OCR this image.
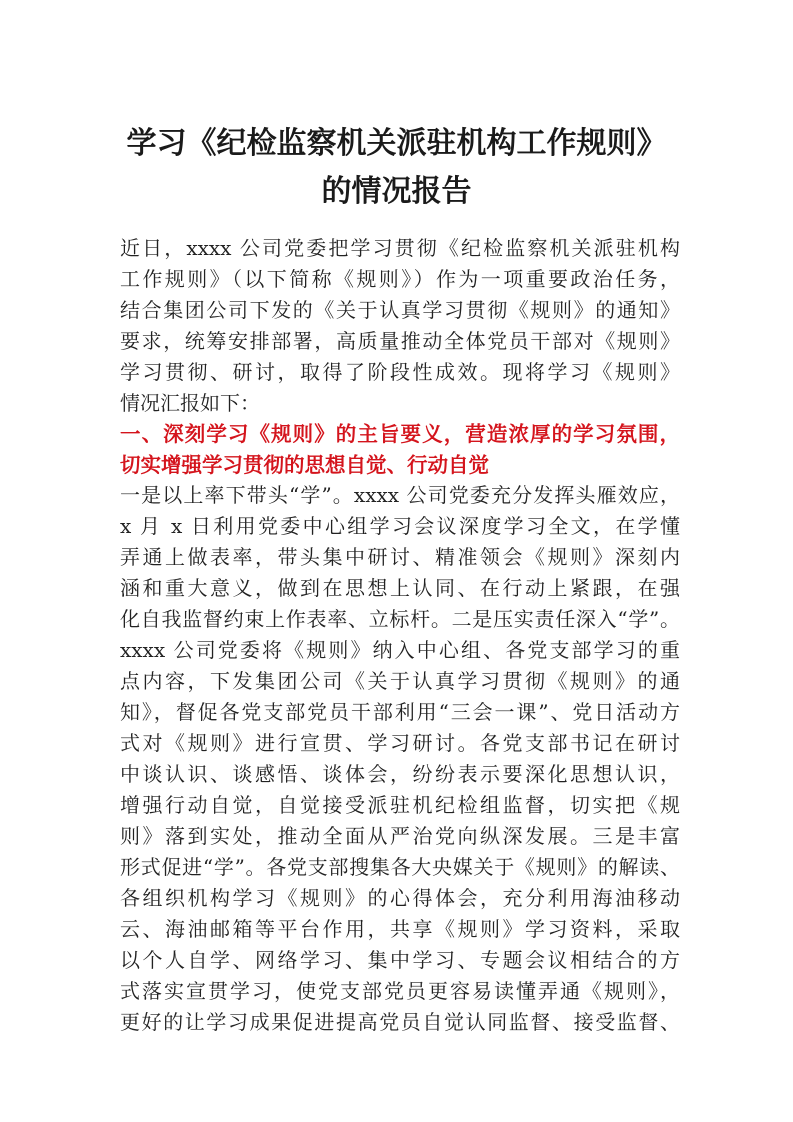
学习《纪检监察机关派驻机构工作规则》
的情况报告
近日，xxxx 公司党委把学习贯彻《纪检监察机关派驻机构
工作规则》（以下简称《规则》）作为一项重要政治任务，
结合集团公司下发的《关于认真学习贯彻《规则》的通知》
要求，统筹安排部署，高质量推动全体党员干部对《规则》
学习贯彻、研讨，取得了阶段性成效。现将学习《规则》
情况汇报如下：
一、深刻学习《规则》的主旨要义，营造浓厚的学习氛围，
切实增强学习贯彻的思想自觉、行动自觉
一是以上率下带头“学”。xxxx 公司党委充分发挥头雁效应，
x 月 x 日利用党委中心组学习会议深度学习全文，在学懂
弄通上做表率，带头集中研讨、精准领会《规则》深刻内
涵和重大意义，做到在思想上认同、在行动上紧跟，在强
化自我监督约束上作表率、立标杆。二是压实责任深入“学”。
xxxx 公司党委将《规则》纳入中心组、各党支部学习的重
点内容，下发集团公司《关于认真学习贯彻《规则》的通
知》，督促各党支部党员干部利用“三会一课”、党日活动方
式对《规则》进行宣贯、学习研讨。各党支部书记在研讨
中谈认识、谈感悟、谈体会，纷纷表示要深化思想认识，
增强行动自觉，自觉接受派驻机纪检组监督，切实把《规
则》落到实处，推动全面从严治党向纵深发展。三是丰富
形式促进“学”。各党支部搜集各大央媒关于《规则》的解读、
各组织机构学习《规则》的心得体会，充分利用海油移动
云、海油邮箱等平台作用，共享《规则》学习资料，采取
以个人自学、网络学习、集中学习、专题会议相结合的方
式落实宣贯学习，使党支部党员更容易读懂弄通《规则》，
更好的让学习成果促进提高党员自觉认同监督、接受监督、
